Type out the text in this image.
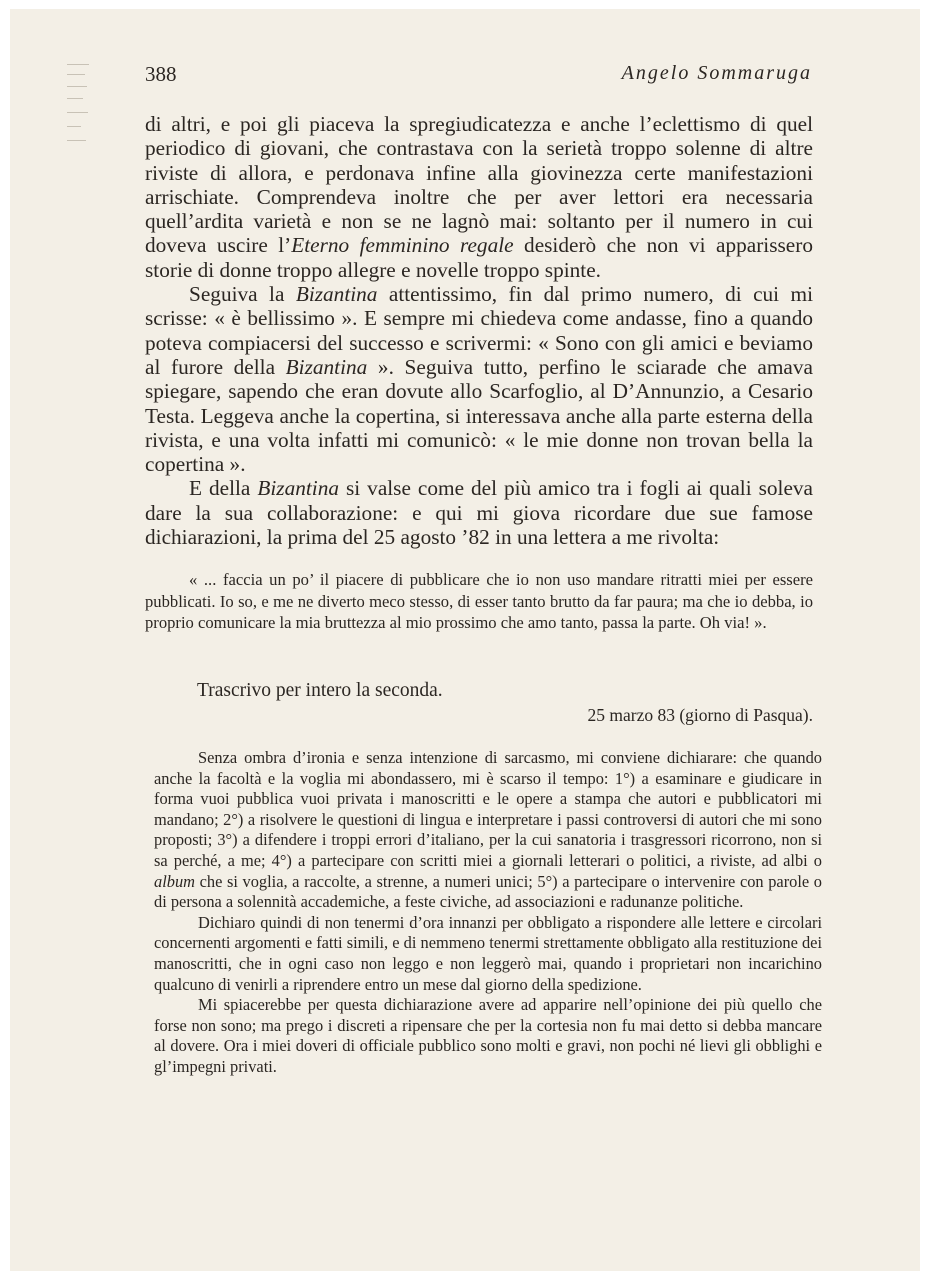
388	Angelo Sommaruga

di altri, e poi gli piaceva la spregiudicatezza e anche l’eclettismo di quel periodico di giovani, che contrastava con la serietà troppo solenne di altre riviste di allora, e perdonava infine alla giovinezza certe manifestazioni arrischiate. Comprendeva inoltre che per aver lettori era necessaria quell’ardita varietà e non se ne lagnò mai: soltanto per il numero in cui doveva uscire l’Eterno femminino regale desiderò che non vi apparissero storie di donne troppo allegre e novelle troppo spinte.

Seguiva la Bizantina attentissimo, fin dal primo numero, di cui mi scrisse: « è bellissimo ». E sempre mi chiedeva come andasse, fino a quando poteva compiacersi del successo e scrivermi: « Sono con gli amici e beviamo al furore della Bizantina ». Seguiva tutto, perfino le sciarade che amava spiegare, sapendo che eran dovute allo Scarfoglio, al D’Annunzio, a Cesario Testa. Leggeva anche la copertina, si interessava anche alla parte esterna della rivista, e una volta infatti mi comunicò: « le mie donne non trovan bella la copertina ».

E della Bizantina si valse come del più amico tra i fogli ai quali soleva dare la sua collaborazione: e qui mi giova ricordare due sue famose dichiarazioni, la prima del 25 agosto ’82 in una lettera a me rivolta:

« ... faccia un po’ il piacere di pubblicare che io non uso mandare ritratti miei per essere pubblicati. Io so, e me ne diverto meco stesso, di esser tanto brutto da far paura; ma che io debba, io proprio comunicare la mia bruttezza al mio prossimo che amo tanto, passa la parte. Oh via! ».

Trascrivo per intero la seconda.
25 marzo 83 (giorno di Pasqua).

Senza ombra d’ironia e senza intenzione di sarcasmo, mi conviene dichiarare: che quando anche la facoltà e la voglia mi abondassero, mi è scarso il tempo: 1°) a esaminare e giudicare in forma vuoi pubblica vuoi privata i manoscritti e le opere a stampa che autori e pubblicatori mi mandano; 2°) a risolvere le questioni di lingua e interpretare i passi controversi di autori che mi sono proposti; 3°) a difendere i troppi errori d’italiano, per la cui sanatoria i trasgressori ricorrono, non si sa perché, a me; 4°) a partecipare con scritti miei a giornali letterari o politici, a riviste, ad albi o album che si voglia, a raccolte, a strenne, a numeri unici; 5°) a partecipare o intervenire con parole o di persona a solennità accademiche, a feste civiche, ad associazioni e radunanze politiche.

Dichiaro quindi di non tenermi d’ora innanzi per obbligato a rispondere alle lettere e circolari concernenti argomenti e fatti simili, e di nemmeno tenermi strettamente obbligato alla restituzione dei manoscritti, che in ogni caso non leggo e non leggerò mai, quando i proprietari non incarichino qualcuno di venirli a riprendere entro un mese dal giorno della spedizione.

Mi spiacerebbe per questa dichiarazione avere ad apparire nell’opinione dei più quello che forse non sono; ma prego i discreti a ripensare che per la cortesia non fu mai detto si debba mancare al dovere. Ora i miei doveri di officiale pubblico sono molti e gravi, non pochi né lievi gli obblighi e gl’impegni privati.
